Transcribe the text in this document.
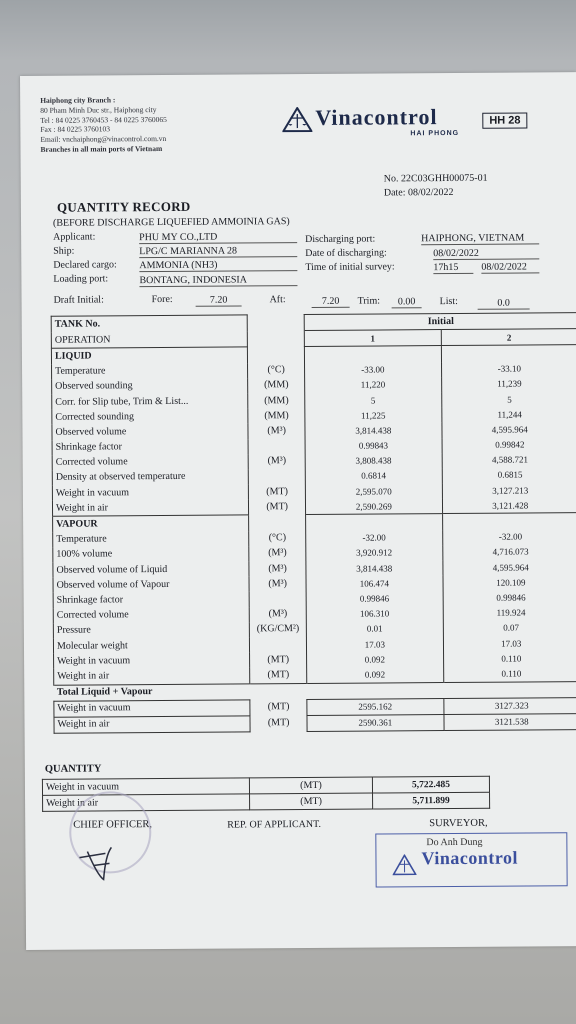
Haiphong city Branch :
80 Pham Minh Duc str., Haiphong city
Tel : 84 0225 3760453 - 84 0225 3760065
Fax : 84 0225 3760103
Email: vnchaiphong@vinacontrol.com.vn
Branches in all main ports of Vietnam
Vinacontrol
HAI PHONG
HH 28
No. 22C03GHH00075-01
Date: 08/02/2022
QUANTITY RECORD
(BEFORE DISCHARGE LIQUEFIED AMMOINIA GAS)
Applicant:	PHU MY CO.,LTD
Ship:	LPG/C MARIANNA 28
Declared cargo: AMMONIA (NH3)
Loading port:	BONTANG, INDONESIA
Discharging port:	HAIPHONG, VIETNAM
Date of discharging:	08/02/2022
Time of initial survey:	17h15	08/02/2022
Draft Initial:	Fore:	7.20	Aft:	7.20	Trim:	0.00	List:	0.0
TANK No.		Initial	
OPERATION		1	2
LIQUID			
Temperature	(°C)	-33.00	-33.10
Observed sounding	(MM)	11,220	11,239
Corr. for Slip tube, Trim & List...	(MM)	5	5
Corrected sounding	(MM)	11,225	11,244
Observed volume	(M³)	3,814.438	4,595.964
Shrinkage factor		0.99843	0.99842
Corrected volume	(M³)	3,808.438	4,588.721
Density at observed temperature		0.6814	0.6815
Weight in vacuum	(MT)	2,595.070	3,127.213
Weight in air	(MT)	2,590.269	3,121.428
VAPOUR			
Temperature	(°C)	-32.00	-32.00
100% volume	(M³)	3,920.912	4,716.073
Observed volume of Liquid	(M³)	3,814.438	4,595.964
Observed volume of Vapour	(M³)	106.474	120.109
Shrinkage factor		0.99846	0.99846
Corrected volume	(M³)	106.310	119.924
Pressure	(KG/CM²)	0.01	0.07
Molecular weight		17.03	17.03
Weight in vacuum	(MT)	0.092	0.110
Weight in air	(MT)	0.092	0.110
Total Liquid + Vapour			
Weight in vacuum	(MT)	2595.162	3127.323
Weight in air	(MT)	2590.361	3121.538
QUANTITY
Weight in vacuum	(MT)	5,722.485
Weight in air	(MT)	5,711.899
CHIEF OFFICER,	REP. OF APPLICANT.	SURVEYOR,
Do Anh Dung
Vinacontrol
